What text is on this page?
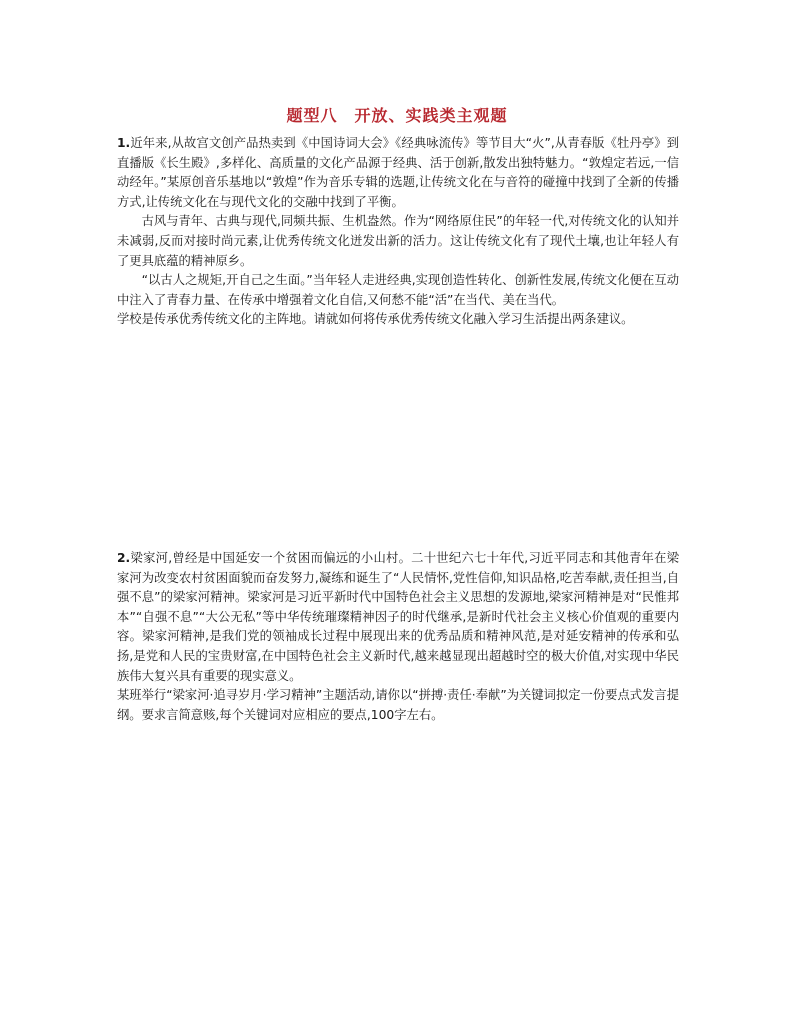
题型八　开放、实践类主观题

1.近年来,从故宫文创产品热卖到《中国诗词大会》《经典咏流传》等节目大“火”,从青春版《牡丹亭》到直播版《长生殿》,多样化、高质量的文化产品源于经典、活于创新,散发出独特魅力。“敦煌定若远,一信动经年。”某原创音乐基地以“敦煌”作为音乐专辑的选题,让传统文化在与音符的碰撞中找到了全新的传播方式,让传统文化在与现代文化的交融中找到了平衡。

古风与青年、古典与现代,同频共振、生机盎然。作为“网络原住民”的年轻一代,对传统文化的认知并未减弱,反而对接时尚元素,让优秀传统文化迸发出新的活力。这让传统文化有了现代土壤,也让年轻人有了更具底蕴的精神原乡。

“以古人之规矩,开自己之生面。”当年轻人走进经典,实现创造性转化、创新性发展,传统文化便在互动中注入了青春力量、在传承中增强着文化自信,又何愁不能“活”在当代、美在当代。

学校是传承优秀传统文化的主阵地。请就如何将传承优秀传统文化融入学习生活提出两条建议。

2.梁家河,曾经是中国延安一个贫困而偏远的小山村。二十世纪六七十年代,习近平同志和其他青年在梁家河为改变农村贫困面貌而奋发努力,凝练和诞生了“人民情怀,党性信仰,知识品格,吃苦奉献,责任担当,自强不息”的梁家河精神。梁家河是习近平新时代中国特色社会主义思想的发源地,梁家河精神是对“民惟邦本”“自强不息”“大公无私”等中华传统璀璨精神因子的时代继承,是新时代社会主义核心价值观的重要内容。梁家河精神,是我们党的领袖成长过程中展现出来的优秀品质和精神风范,是对延安精神的传承和弘扬,是党和人民的宝贵财富,在中国特色社会主义新时代,越来越显现出超越时空的极大价值,对实现中华民族伟大复兴具有重要的现实意义。

某班举行“梁家河·追寻岁月·学习精神”主题活动,请你以“拼搏·责任·奉献”为关键词拟定一份要点式发言提纲。要求言简意赅,每个关键词对应相应的要点,100字左右。
